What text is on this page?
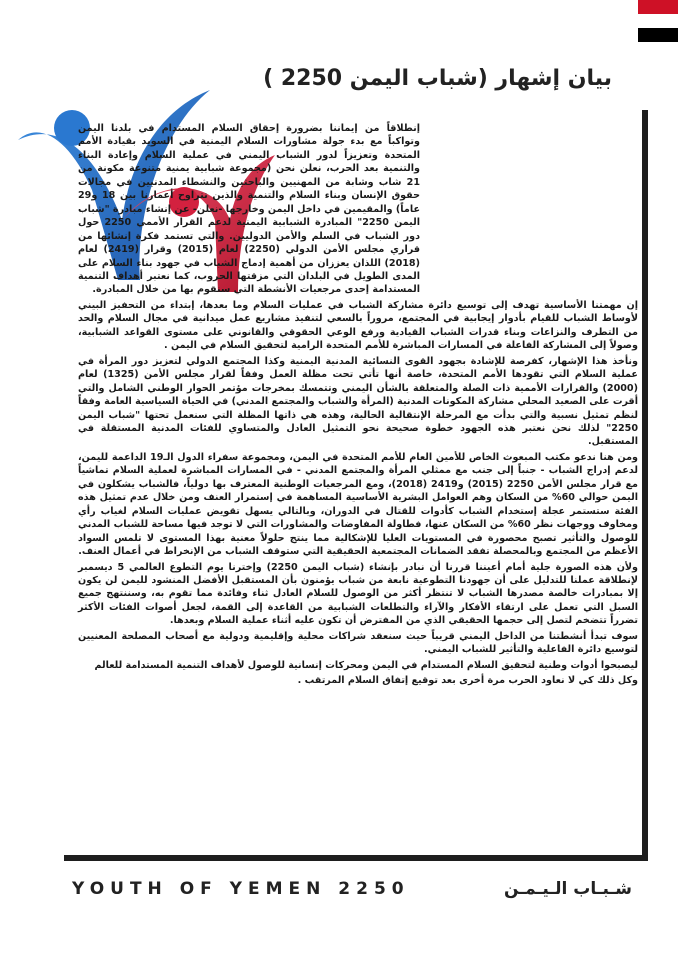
بيان إشهار (شباب اليمن 2250 )

إنطلاقاً من إيماننا بضرورة إحقاق السلام المستدام في بلدنا اليمن وتواكباً مع بدء جولة مشاورات السلام اليمنية في السويد بقيادة الأمم المتحدة وتعزيزاً لدور الشباب اليمني في عملية السلام وإعادة البناء والتنمية بعد الحرب، نعلن نحن (مجموعة شبابية يمنية متنوعة مكونة من 21 شاب وشابة من المهنيين والباحثين والنشطاء المدنيين في مجالات حقوق الإنسان وبناء السلام والتنمية والذين تتراوح أعمارنا بين 18 و29 عاماً) والمقيمين في داخل اليمن وخارجها -نعلن- عن إنشاء مبادرة "شباب اليمن 2250" المبادرة الشبابية اليمنية لدعم القرار الأممي 2250 حول دور الشباب في السلم والأمن الدوليين. والتي تستمد فكرة إنشائها من قراري مجلس الأمن الدولي (2250) لعام (2015) وقرار (2419) لعام (2018) اللذان يعززان من أهمية إدماج الشباب في جهود بناء السلام على المدى الطويل في البلدان التي مزقتها الحروب، كما نعتبر أهداف التنمية المستدامة إحدى مرجعيات الأنشطة التي سنقوم بها من خلال المبادرة.

إن مهمتنا الأساسية تهدف إلى توسيع دائرة مشاركة الشباب في عمليات السلام وما بعدها، إبتداء من التحفيز البيني لأوساط الشباب للقيام بأدوار إيجابية في المجتمع، مروراً بالسعي لتنفيذ مشاريع عمل ميدانية في مجال السلام والحد من التطرف والنزاعات وبناء قدرات الشباب القيادية ورفع الوعي الحقوقي والقانوني على مستوى القواعد الشبابية، وصولاً إلى المشاركة الفاعلة في المسارات المباشرة للأمم المتحدة الرامية لتحقيق السلام في اليمن .

ونأخذ هذا الإشهار، كفرصة للإشادة بجهود القوى النسائية المدنية اليمنية وكذا المجتمع الدولي لتعزيز دور المرأة في عملية السلام التي تقودها الأمم المتحدة، خاصة أنها تأتي تحت مظلة العمل وفقاً لقرار مجلس الأمن (1325) لعام (2000) والقرارات الأممية ذات الصلة والمتعلقة بالشأن اليمني وتتمسك بمخرجات مؤتمر الحوار الوطني الشامل والتي أقرت على الصعيد المحلي مشاركة المكونات المدنية (المرأة والشباب والمجتمع المدني) في الحياة السياسية العامة وفقاً لنظم تمثيل نسبية والتي بدأت مع المرحلة الإنتقالية الحالية، وهذه هي ذاتها المظلة التي سنعمل تحتها "شباب اليمن 2250" لذلك نحن نعتبر هذه الجهود خطوة صحيحة نحو التمثيل العادل والمتساوي للفئات المدنية المستقلة في المستقبل.

ومن هنا ندعو مكتب المبعوث الخاص للأمين العام للأمم المتحدة في اليمن، ومجموعة سفراء الدول الـ19 الداعمة لليمن، لدعم إدراج الشباب - جنباً إلى جنب مع ممثلي المرأة والمجتمع المدني - في المسارات المباشرة لعملية السلام تماشياً مع قرار مجلس الأمن 2250 (2015) و2419 (2018)، ومع المرجعيات الوطنية المعترف بها دولياً، فالشباب يشكلون في اليمن حوالي 60% من السكان وهم العوامل البشرية الأساسية المساهمة في إستمرار العنف ومن خلال عدم تمثيل هذه الفئة ستستمر عجلة إستخدام الشباب كأدوات للقتال في الدوران، وبالتالي يسهل تقويض عمليات السلام لغياب رأي ومخاوف ووجهات نظر 60% من السكان عنها، فطاولة المفاوضات والمشاورات التي لا توجد فيها مساحة للشباب المدني للوصول والتأثير تصبح محصورة في المستويات العليا للإشكالية مما ينتج حلولاً معنية بهذا المستوى لا تلمس السواد الأعظم من المجتمع وبالمحصلة تفقد الضمانات المجتمعية الحقيقية التي ستوقف الشباب من الإنخراط في أعمال العنف.

ولأن هذه الصورة جلية أمام أعيننا قررنا أن نبادر بإنشاء (شباب اليمن 2250) وإخترنا يوم التطوع العالمي 5 ديسمبر لإنطلاقة عملنا للتدليل على أن جهودنا التطوعية نابعة من شباب يؤمنون بأن المستقبل الأفضل المنشود لليمن لن يكون إلا بمبادرات خالصة مصدرها الشباب لا تنتظر أكثر من الوصول للسلام العادل ثناء وفائدة مما تقوم به، وسننتهج جميع السبل التي تعمل على ارتقاء الأفكار والآراء والتطلعات الشبابية من القاعدة إلى القمة، لجعل أصوات الفئات الأكثر تضرراً تتضخم لتصل إلى حجمها الحقيقي الذي من المفترض أن تكون عليه أثناء عملية السلام وبعدها.

سوف تبدأ أنشطتنا من الداخل اليمني قريباً حيث سنعقد شراكات محلية وإقليمية ودولية مع أصحاب المصلحة المعنيين لتوسيع دائرة الفاعلية والتأثير للشباب اليمني.

ليصبحوا أدوات وطنية لتحقيق السلام المستدام في اليمن ومحركات إنسانية للوصول لأهداف التنمية المستدامة للعالم

وكل ذلك كي لا نعاود الحرب مرة أخرى بعد توقيع إتفاق السلام المرتقب .

YOUTH OF YEMEN 2250	شـبـاب الـيـمـن
